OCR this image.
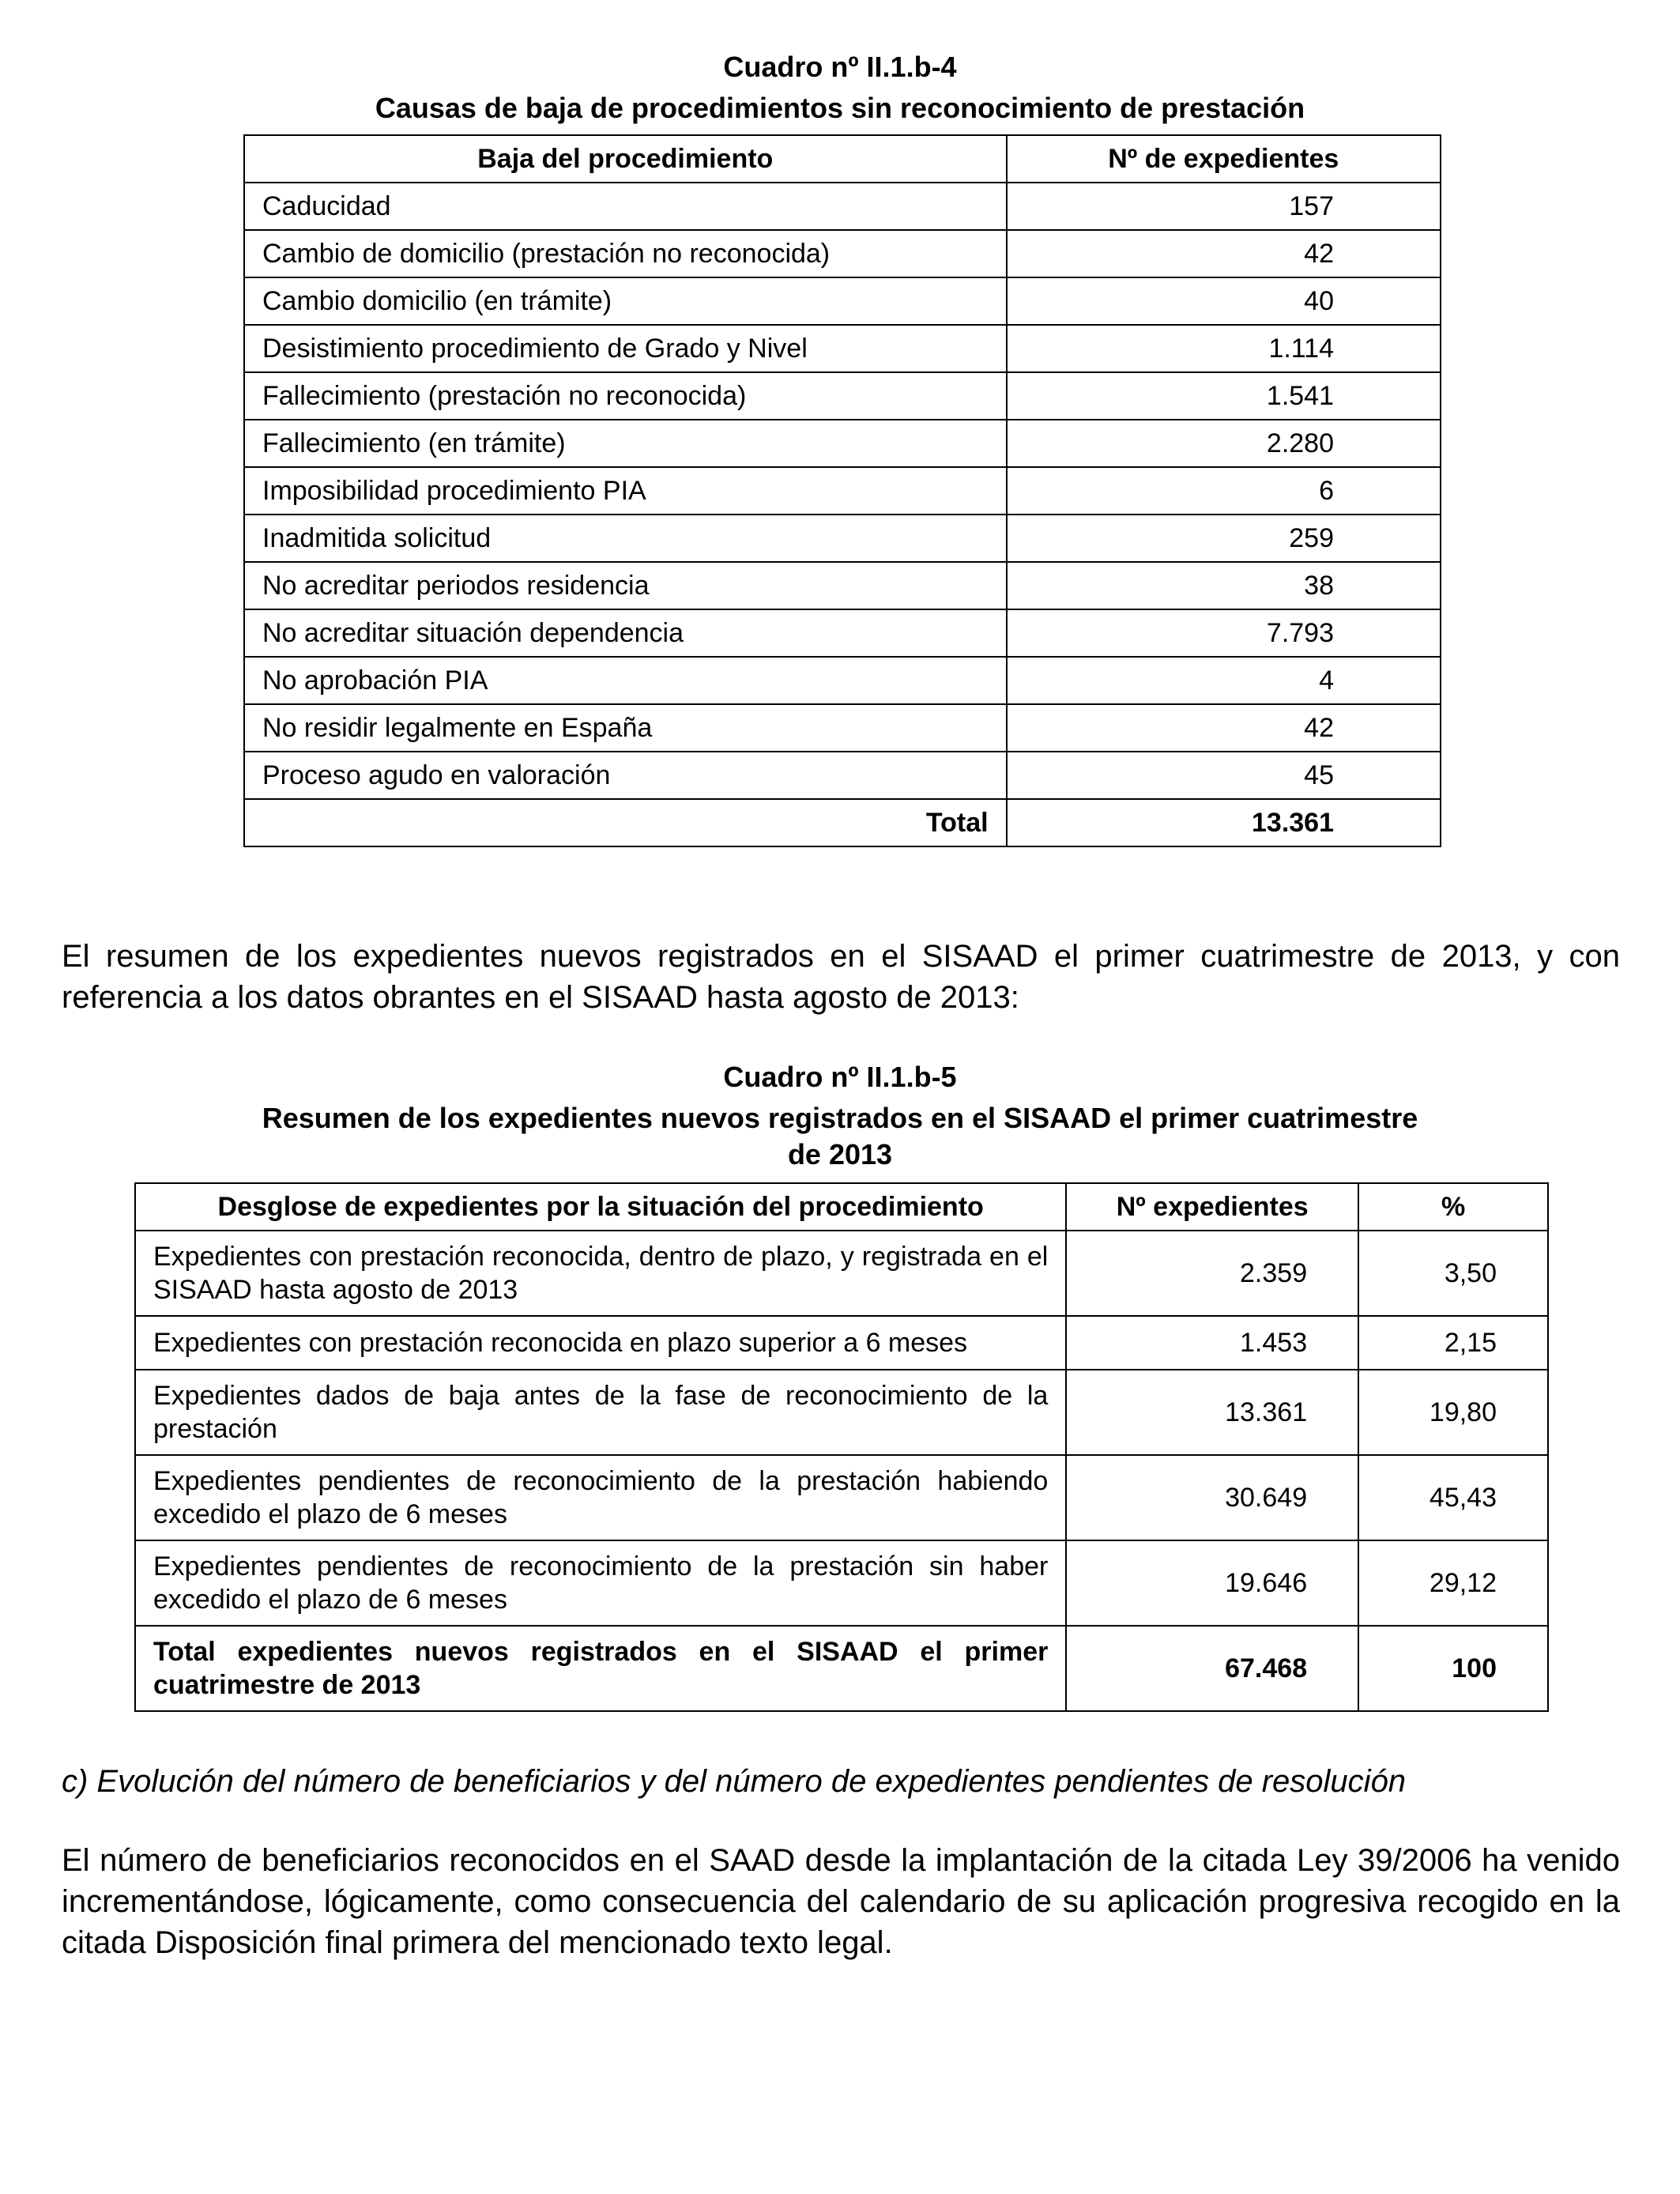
Cuadro nº II.1.b-4
Causas de baja de procedimientos sin reconocimiento de prestación
Baja del procedimiento	Nº de expedientes
Caducidad	157
Cambio de domicilio (prestación no reconocida)	42
Cambio domicilio (en trámite)	40
Desistimiento procedimiento de Grado y Nivel	1.114
Fallecimiento (prestación no reconocida)	1.541
Fallecimiento (en trámite)	2.280
Imposibilidad procedimiento PIA	6
Inadmitida solicitud	259
No acreditar periodos residencia	38
No acreditar situación dependencia	7.793
No aprobación PIA	4
No residir legalmente en España	42
Proceso agudo en valoración	45
Total	13.361
El resumen de los expedientes nuevos registrados en el SISAAD el primer cuatrimestre de 2013, y con referencia a los datos obrantes en el SISAAD hasta agosto de 2013:
Cuadro nº II.1.b-5
Resumen de los expedientes nuevos registrados en el SISAAD el primer cuatrimestre
de 2013
Desglose de expedientes por la situación del procedimiento	Nº expedientes	%
Expedientes con prestación reconocida, dentro de plazo, y registrada en el SISAAD hasta agosto de 2013	2.359	3,50
Expedientes con prestación reconocida en plazo superior a 6 meses	1.453	2,15
Expedientes dados de baja antes de la fase de reconocimiento de la prestación	13.361	19,80
Expedientes pendientes de reconocimiento de la prestación habiendo excedido el plazo de 6 meses	30.649	45,43
Expedientes pendientes de reconocimiento de la prestación sin haber excedido el plazo de 6 meses	19.646	29,12
Total expedientes nuevos registrados en el SISAAD el primer cuatrimestre de 2013	67.468	100
c) Evolución del número de beneficiarios y del número de expedientes pendientes de resolución
El número de beneficiarios reconocidos en el SAAD desde la implantación de la citada Ley 39/2006 ha venido incrementándose, lógicamente, como consecuencia del calendario de su aplicación progresiva recogido en la citada Disposición final primera del mencionado texto legal.
